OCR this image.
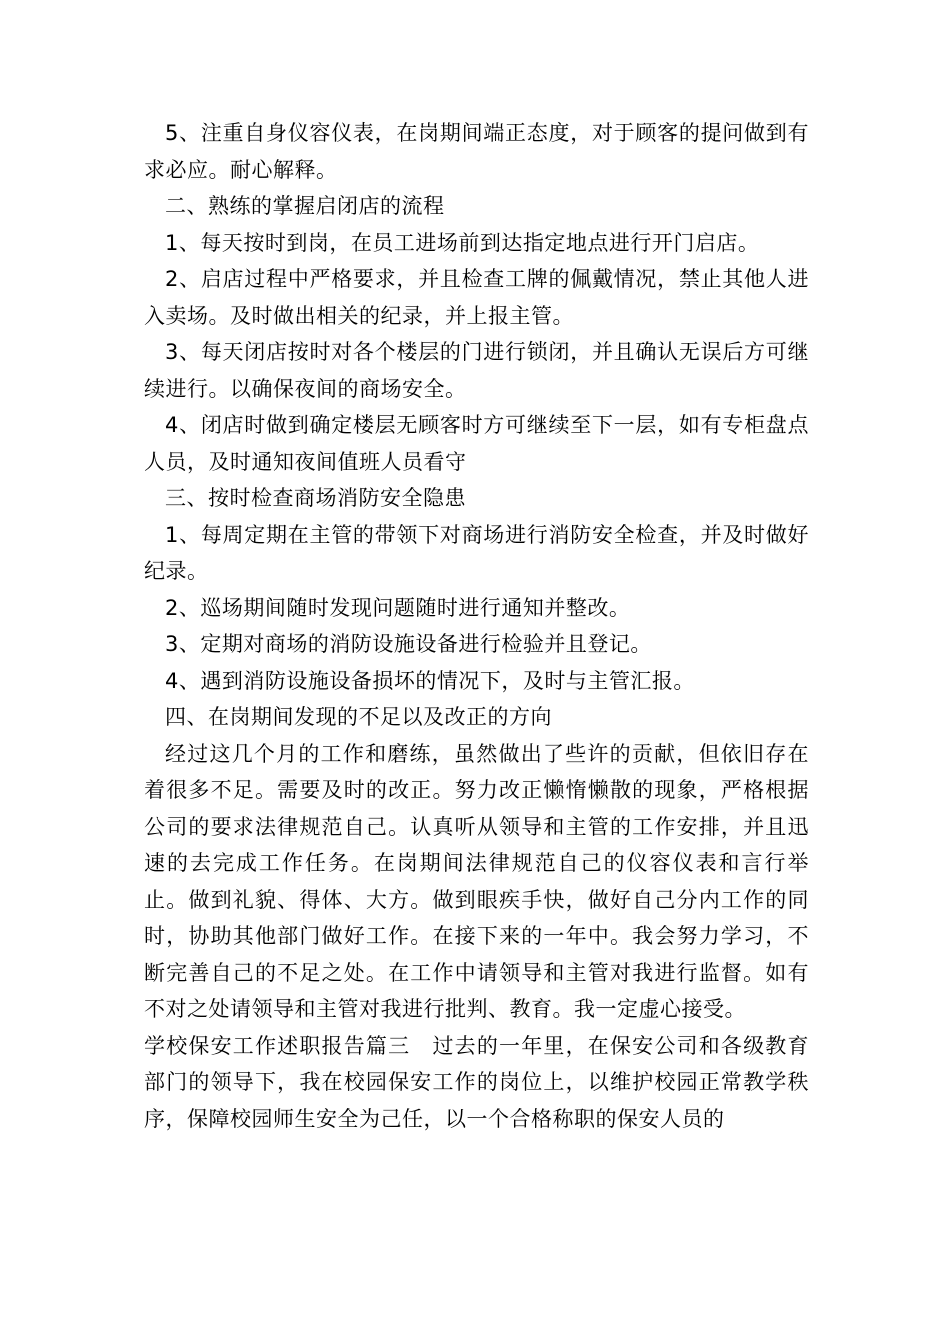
5、注重自身仪容仪表，在岗期间端正态度，对于顾客的提问做到有求必应。耐心解释。

二、熟练的掌握启闭店的流程

1、每天按时到岗，在员工进场前到达指定地点进行开门启店。

2、启店过程中严格要求，并且检查工牌的佩戴情况，禁止其他人进入卖场。及时做出相关的纪录，并上报主管。

3、每天闭店按时对各个楼层的门进行锁闭，并且确认无误后方可继续进行。以确保夜间的商场安全。

4、闭店时做到确定楼层无顾客时方可继续至下一层，如有专柜盘点人员，及时通知夜间值班人员看守

三、按时检查商场消防安全隐患

1、每周定期在主管的带领下对商场进行消防安全检查，并及时做好纪录。

2、巡场期间随时发现问题随时进行通知并整改。

3、定期对商场的消防设施设备进行检验并且登记。

4、遇到消防设施设备损坏的情况下，及时与主管汇报。

四、在岗期间发现的不足以及改正的方向

经过这几个月的工作和磨练，虽然做出了些许的贡献，但依旧存在着很多不足。需要及时的改正。努力改正懒惰懒散的现象，严格根据公司的要求法律规范自己。认真听从领导和主管的工作安排，并且迅速的去完成工作任务。在岗期间法律规范自己的仪容仪表和言行举止。做到礼貌、得体、大方。做到眼疾手快，做好自己分内工作的同时，协助其他部门做好工作。在接下来的一年中。我会努力学习，不断完善自己的不足之处。在工作中请领导和主管对我进行监督。如有不对之处请领导和主管对我进行批判、教育。我一定虚心接受。

学校保安工作述职报告篇三　过去的一年里，在保安公司和各级教育部门的领导下，我在校园保安工作的岗位上，以维护校园正常教学秩序，保障校园师生安全为己任，以一个合格称职的保安人员的
